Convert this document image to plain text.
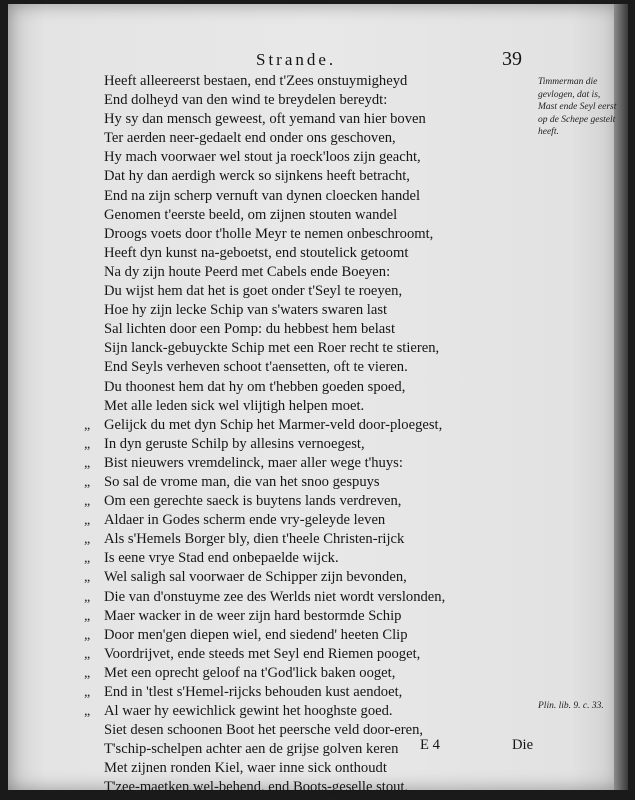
Strande.	39
Timmerman die gevlogen, dat is, Mast ende Seyl eerst op de Schepe gestelt heeft.
Plin. lib. 9. c. 33.
Heeft alleereerst bestaen, end t'Zees onstuymigheyd
End dolheyd van den wind te breydelen bereydt:
Hy sy dan mensch geweest, oft yemand van hier boven
Ter aerden neer-gedaelt end onder ons geschoven,
Hy mach voorwaer wel stout ja roeck'loos zijn geacht,
Dat hy dan aerdigh werck so sijnkens heeft betracht,
End na zijn scherp vernuft van dynen cloecken handel
Genomen t'eerste beeld, om zijnen stouten wandel
Droogs voets door t'holle Meyr te nemen onbeschroomt,
Heeft dyn kunst na-geboetst, end stoutelick getoomt
Na dy zijn houte Peerd met Cabels ende Boeyen:
Du wijst hem dat het is goet onder t'Seyl te roeyen,
Hoe hy zijn lecke Schip van s'waters swaren last
Sal lichten door een Pomp: du hebbest hem belast
Sijn lanck-gebuyckte Schip met een Roer recht te stieren,
End Seyls verheven schoot t'aensetten, oft te vieren.
Du thoonest hem dat hy om t'hebben goeden spoed,
Met alle leden sick wel vlijtigh helpen moet.
„ Gelijck du met dyn Schip het Marmer-veld door-ploegest,
„ In dyn geruste Schilp by allesins vernoegest,
„ Bist nieuwers vremdelinck, maer aller wege t'huys:
„ So sal de vrome man, die van het snoo gespuys
„ Om een gerechte saeck is buytens lands verdreven,
„ Aldaer in Godes scherm ende vry-geleyde leven
„ Als s'Hemels Borger bly, dien t'heele Christen-rijck
„ Is eene vrye Stad end onbepaelde wijck.
„ Wel saligh sal voorwaer de Schipper zijn bevonden,
„ Die van d'onstuyme zee des Werlds niet wordt verslonden,
„ Maer wacker in de weer zijn hard bestormde Schip
„ Door men'gen diepen wiel, end siedend' heeten Clip
„ Voordrijvet, ende steeds met Seyl end Riemen pooget,
„ Met een oprecht geloof na t'God'lick baken ooget,
„ End in 'tlest s'Hemel-rijcks behouden kust aendoet,
„ Al waer hy eewichlick gewint het hooghste goed.
Siet desen schoonen Boot het peersche veld door-eren,
T'schip-schelpen achter aen de grijse golven keren
Met zijnen ronden Kiel, waer inne sick onthoudt
T'zee-maetken wel-behend, end Boots-geselle stout,
E 4	Die
